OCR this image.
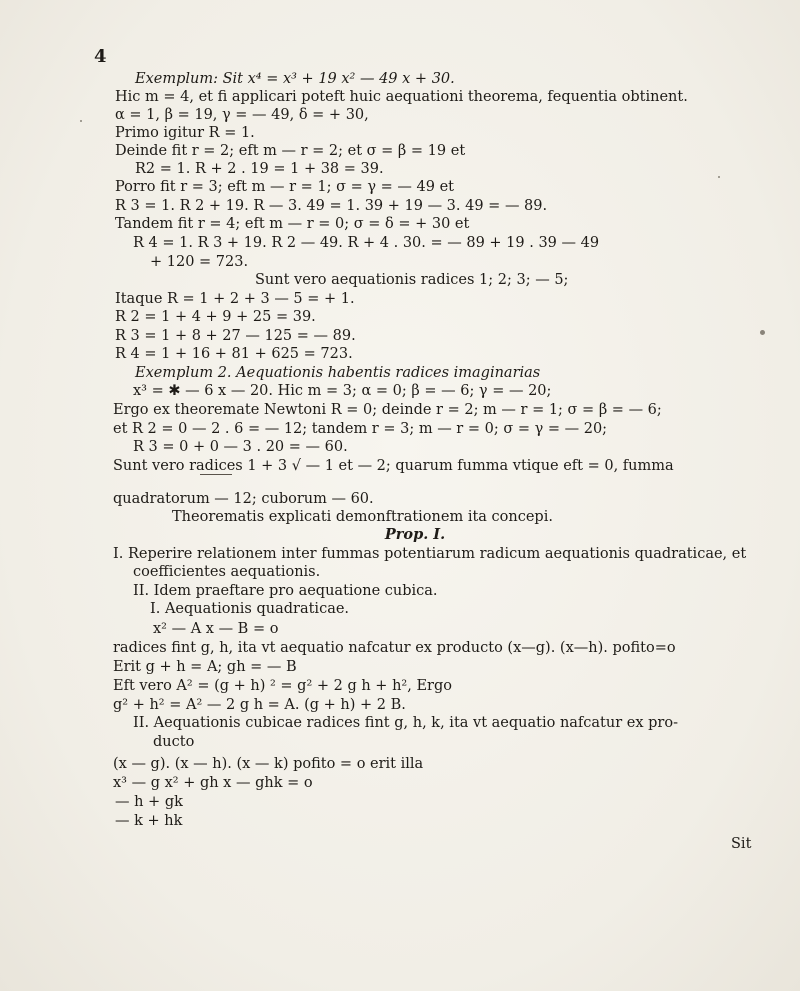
4
Exemplum: Sit x⁴ = x³ + 19 x² — 49 x + 30.
Hic m = 4, et fi applicari poteft huic aequationi theorema, fequentia obtinent.
α = 1, β = 19, γ = — 49, δ = + 30,
Primo igitur R = 1.
Deinde fit r = 2; eft m — r = 2; et σ = β = 19 et
R2 = 1. R + 2 . 19 = 1 + 38 = 39.
Porro fit r = 3; eft m — r = 1; σ = γ = — 49 et
R 3 = 1. R 2 + 19. R — 3. 49 = 1. 39 + 19 — 3. 49 = — 89.
Tandem fit r = 4; eft m — r = 0; σ = δ = + 30 et
R 4 = 1. R 3 + 19. R 2 — 49. R + 4 . 30. = — 89 + 19 . 39 — 49
+ 120 = 723.
Sunt vero aequationis radices 1; 2; 3; — 5;
Itaque R = 1 + 2 + 3 — 5 = + 1.
R 2 = 1 + 4 + 9 + 25 = 39.
R 3 = 1 + 8 + 27 — 125 = — 89.
R 4 = 1 + 16 + 81 + 625 = 723.
Exemplum 2. Aequationis habentis radices imaginarias
x³ = ✱ — 6 x — 20. Hic m = 3; α = 0; β = — 6; γ = — 20;
Ergo ex theoremate Newtoni R = 0; deinde r = 2; m — r = 1; σ = β = — 6;
et R 2 = 0 — 2 . 6 = — 12; tandem r = 3; m — r = 0; σ = γ = — 20;
R 3 = 0 + 0 — 3 . 20 = — 60.
Sunt vero radices 1 + 3 √ — 1 et — 2; quarum fumma vtique eft = 0, fumma
quadratorum — 12; cuborum — 60.
Theorematis explicati demonftrationem ita concepi.
Prop. I.
I. Reperire relationem inter fummas potentiarum radicum aequationis quadraticae, et
coefficientes aequationis.
II. Idem praeftare pro aequatione cubica.
I. Aequationis quadraticae.
x² — A x — B = o
radices fint g, h, ita vt aequatio nafcatur ex producto (x—g). (x—h). pofito=o
Erit g + h = A; gh = — B
Eft vero A² = (g + h) ² = g² + 2 g h + h², Ergo
g² + h² = A² — 2 g h = A. (g + h) + 2 B.
II. Aequationis cubicae radices fint g, h, k, ita vt aequatio nafcatur ex pro-
ducto
(x — g). (x — h). (x — k) pofito = o erit illa
x³ — g x² + gh x — ghk = o
— h + gk
— k + hk
Sit
